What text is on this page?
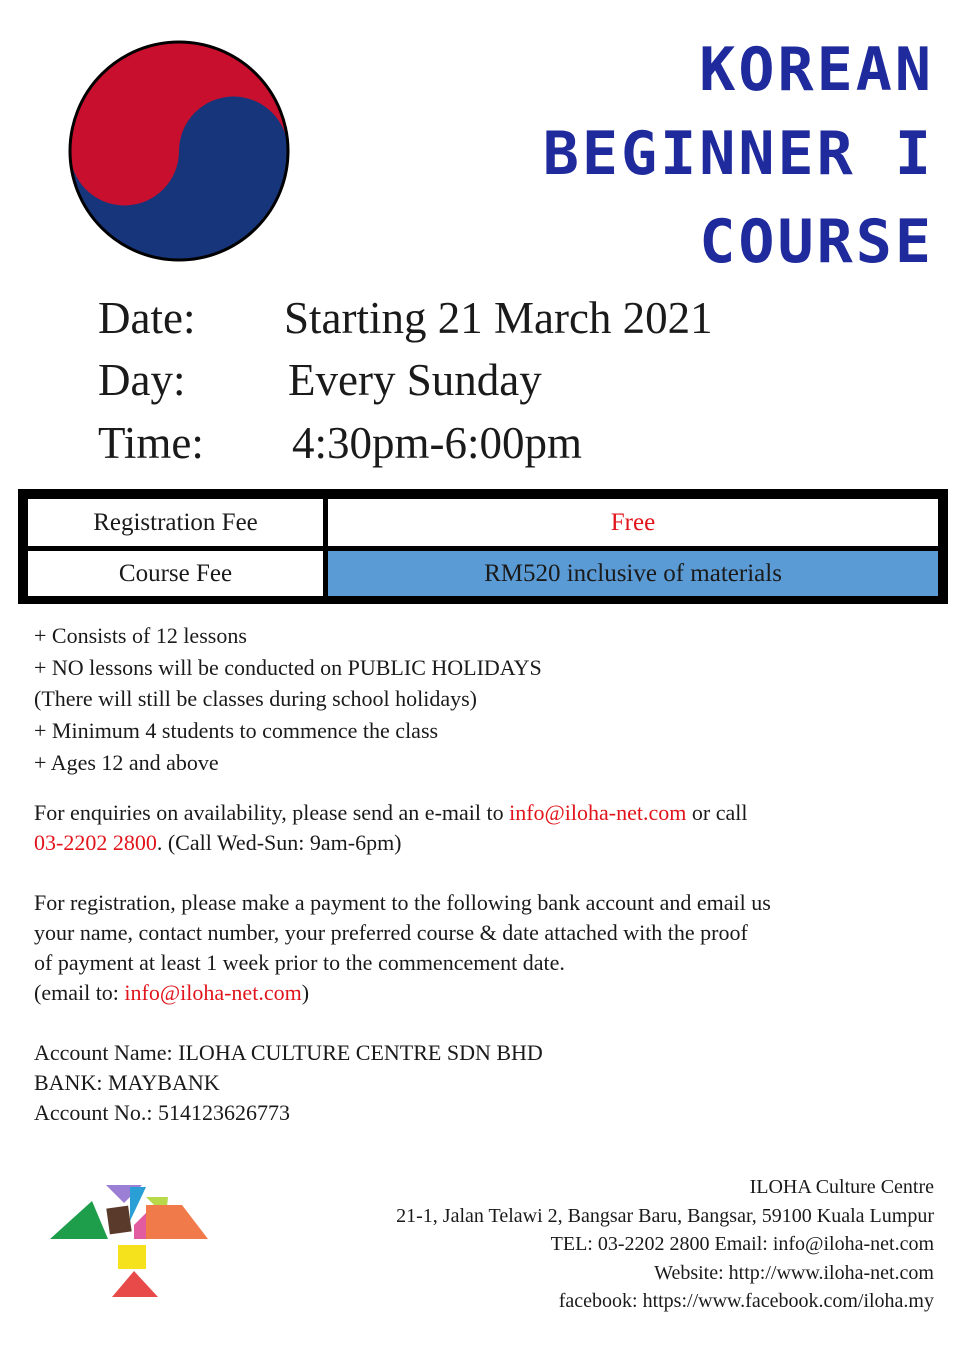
KOREAN
BEGINNER I
COURSE
Date: Starting 21 March 2021
Day: Every Sunday
Time: 4:30pm-6:00pm
Registration Fee	Free
Course Fee	RM520 inclusive of materials
+ Consists of 12 lessons
+ NO lessons will be conducted on PUBLIC HOLIDAYS
(There will still be classes during school holidays)
+ Minimum 4 students to commence the class
+ Ages 12 and above
For enquiries on availability, please send an e-mail to info@iloha-net.com or call
03-2202 2800. (Call Wed-Sun: 9am-6pm)
For registration, please make a payment to the following bank account and email us
your name, contact number, your preferred course & date attached with the proof
of payment at least 1 week prior to the commencement date.
(email to: info@iloha-net.com)
Account Name: ILOHA CULTURE CENTRE SDN BHD
BANK: MAYBANK
Account No.: 514123626773
ILOHA Culture Centre
21-1, Jalan Telawi 2, Bangsar Baru, Bangsar, 59100 Kuala Lumpur
TEL: 03-2202 2800 Email: info@iloha-net.com
Website: http://www.iloha-net.com
facebook: https://www.facebook.com/iloha.my
